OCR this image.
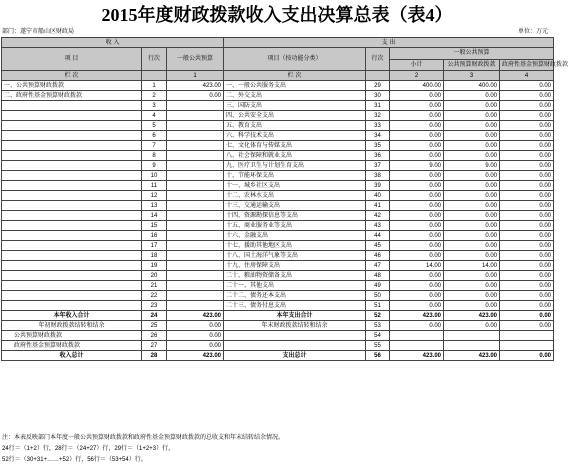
2015年度财政拨款收入支出决算总表（表4）
部门：遂宁市船山区财政局	单位：万元
收 入			支 出				
项 目	行次	一般公共预算	项目（按功能分类）	行次	一般公共预算		
					小计	公共预算财政拨款	政府性基金预算财政拨款
栏 次		1	栏 次		2	3	4
一、公共预算财政拨款	1	423.00	一、一般公共服务支出	29	400.00	400.00	0.00
二、政府性基金预算财政拨款	2	0.00	二、外交支出	30	0.00	0.00	0.00
	3		三、国防支出	31	0.00	0.00	0.00
	4		四、公共安全支出	32	0.00	0.00	0.00
	5		五、教育支出	33	0.00	0.00	0.00
	6		六、科学技术支出	34	0.00	0.00	0.00
	7		七、文化体育与传媒支出	35	0.00	0.00	0.00
	8		八、社会保障和就业支出	36	0.00	0.00	0.00
	9		九、医疗卫生与计划生育支出	37	9.00	9.00	0.00
	10		十、节能环保支出	38	0.00	0.00	0.00
	11		十一、城乡社区支出	39	0.00	0.00	0.00
	12		十二、农林水支出	40	0.00	0.00	0.00
	13		十三、交通运输支出	41	0.00	0.00	0.00
	14		十四、资源勘探信息等支出	42	0.00	0.00	0.00
	15		十五、商业服务业等支出	43	0.00	0.00	0.00
	16		十六、金融支出	44	0.00	0.00	0.00
	17		十七、援助其他地区支出	45	0.00	0.00	0.00
	18		十八、国土海洋气象等支出	46	0.00	0.00	0.00
	19		十九、住房保障支出	47	14.00	14.00	0.00
	20		二十、粮油物资储备支出	48	0.00	0.00	0.00
	21		二十一、其他支出	49	0.00	0.00	0.00
	22		二十二、债务还本支出	50	0.00	0.00	0.00
	23		二十三、债务付息支出	51	0.00	0.00	0.00
本年收入合计	24	423.00	本年支出合计	52	423.00	423.00	0.00
年初财政拨款结转和结余	25	0.00	年末财政拨款结转和结余	53	0.00	0.00	0.00
公共预算财政拨款	26	0.00		54			
政府性基金预算财政拨款	27	0.00		55			
收入总计	28	423.00	支出总计	56	423.00	423.00	0.00
注：本表反映部门本年度一般公共预算财政拨款和政府性基金预算财政拨款的总收支和年末结转结余情况。
24行＝（1+2）行，28行＝（24+27）行，29行＝（1+2+3）行，
52行＝（30+31+……+52）行，56行＝（53+54）行。
